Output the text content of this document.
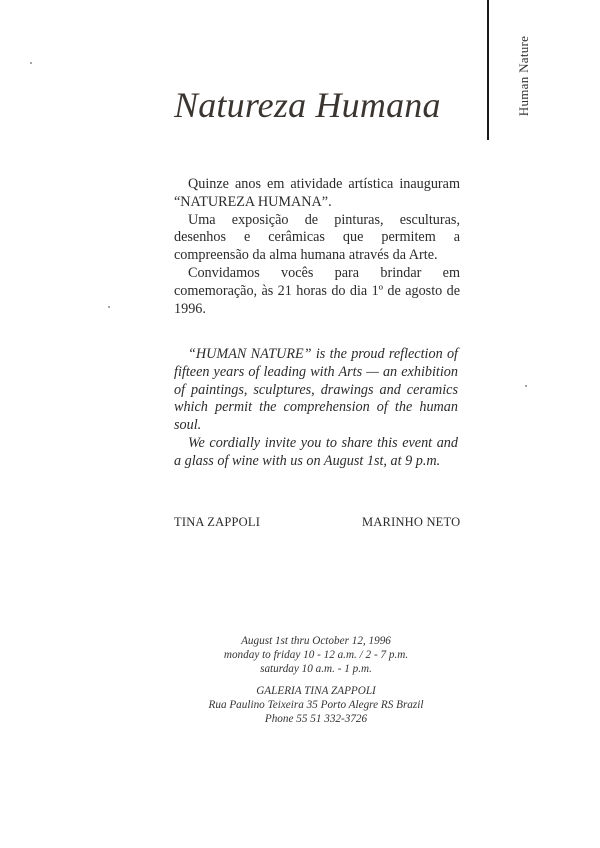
Human Nature
Natureza Humana

Quinze anos em atividade artística inauguram “NATUREZA HUMANA”.

Uma exposição de pinturas, esculturas, desenhos e cerâmicas que permitem a compreensão da alma humana através da Arte.

Convidamos vocês para brindar em comemoração, às 21 horas do dia 1º de agosto de 1996.

“HUMAN NATURE” is the proud reflection of fifteen years of leading with Arts — an exhibition of paintings, sculptures, drawings and ceramics which permit the comprehension of the human soul.

We cordially invite you to share this event and a glass of wine with us on August 1st, at 9 p.m.

TINA ZAPPOLI	MARINHO NETO
August 1st thru October 12, 1996
monday to friday 10 - 12 a.m. / 2 - 7 p.m.
saturday 10 a.m. - 1 p.m.
GALERIA TINA ZAPPOLI
Rua Paulino Teixeira 35 Porto Alegre RS Brazil
Phone 55 51 332-3726
